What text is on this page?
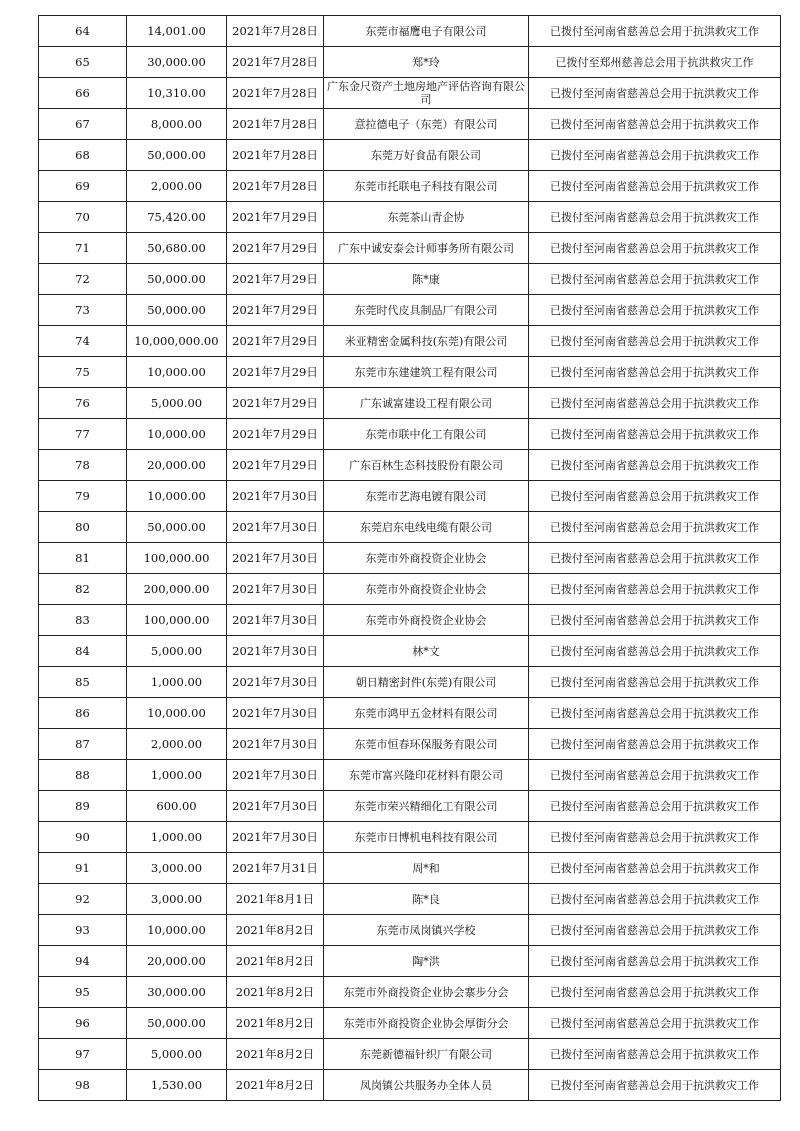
64	14,001.00	2021年7月28日	东莞市福鹰电子有限公司	已拨付至河南省慈善总会用于抗洪救灾工作
65	30,000.00	2021年7月28日	郑*玲	已拨付至郑州慈善总会用于抗洪救灾工作
66	10,310.00	2021年7月28日	广东金尺资产土地房地产评估咨询有限公司	已拨付至河南省慈善总会用于抗洪救灾工作
67	8,000.00	2021年7月28日	意拉德电子（东莞）有限公司	已拨付至河南省慈善总会用于抗洪救灾工作
68	50,000.00	2021年7月28日	东莞万好食品有限公司	已拨付至河南省慈善总会用于抗洪救灾工作
69	2,000.00	2021年7月28日	东莞市托联电子科技有限公司	已拨付至河南省慈善总会用于抗洪救灾工作
70	75,420.00	2021年7月29日	东莞茶山青企协	已拨付至河南省慈善总会用于抗洪救灾工作
71	50,680.00	2021年7月29日	广东中诚安泰会计师事务所有限公司	已拨付至河南省慈善总会用于抗洪救灾工作
72	50,000.00	2021年7月29日	陈*康	已拨付至河南省慈善总会用于抗洪救灾工作
73	50,000.00	2021年7月29日	东莞时代皮具制品厂有限公司	已拨付至河南省慈善总会用于抗洪救灾工作
74	10,000,000.00	2021年7月29日	米亚精密金属科技(东莞)有限公司	已拨付至河南省慈善总会用于抗洪救灾工作
75	10,000.00	2021年7月29日	东莞市东建建筑工程有限公司	已拨付至河南省慈善总会用于抗洪救灾工作
76	5,000.00	2021年7月29日	广东诚富建设工程有限公司	已拨付至河南省慈善总会用于抗洪救灾工作
77	10,000.00	2021年7月29日	东莞市联中化工有限公司	已拨付至河南省慈善总会用于抗洪救灾工作
78	20,000.00	2021年7月29日	广东百林生态科技股份有限公司	已拨付至河南省慈善总会用于抗洪救灾工作
79	10,000.00	2021年7月30日	东莞市艺海电镀有限公司	已拨付至河南省慈善总会用于抗洪救灾工作
80	50,000.00	2021年7月30日	东莞启东电线电缆有限公司	已拨付至河南省慈善总会用于抗洪救灾工作
81	100,000.00	2021年7月30日	东莞市外商投资企业协会	已拨付至河南省慈善总会用于抗洪救灾工作
82	200,000.00	2021年7月30日	东莞市外商投资企业协会	已拨付至河南省慈善总会用于抗洪救灾工作
83	100,000.00	2021年7月30日	东莞市外商投资企业协会	已拨付至河南省慈善总会用于抗洪救灾工作
84	5,000.00	2021年7月30日	林*文	已拨付至河南省慈善总会用于抗洪救灾工作
85	1,000.00	2021年7月30日	朝日精密封件(东莞)有限公司	已拨付至河南省慈善总会用于抗洪救灾工作
86	10,000.00	2021年7月30日	东莞市鸿甲五金材料有限公司	已拨付至河南省慈善总会用于抗洪救灾工作
87	2,000.00	2021年7月30日	东莞市恒春环保服务有限公司	已拨付至河南省慈善总会用于抗洪救灾工作
88	1,000.00	2021年7月30日	东莞市富兴隆印花材料有限公司	已拨付至河南省慈善总会用于抗洪救灾工作
89	600.00	2021年7月30日	东莞市荣兴精细化工有限公司	已拨付至河南省慈善总会用于抗洪救灾工作
90	1,000.00	2021年7月30日	东莞市日博机电科技有限公司	已拨付至河南省慈善总会用于抗洪救灾工作
91	3,000.00	2021年7月31日	周*和	已拨付至河南省慈善总会用于抗洪救灾工作
92	3,000.00	2021年8月1日	陈*良	已拨付至河南省慈善总会用于抗洪救灾工作
93	10,000.00	2021年8月2日	东莞市凤岗镇兴学校	已拨付至河南省慈善总会用于抗洪救灾工作
94	20,000.00	2021年8月2日	陶*洪	已拨付至河南省慈善总会用于抗洪救灾工作
95	30,000.00	2021年8月2日	东莞市外商投资企业协会寨步分会	已拨付至河南省慈善总会用于抗洪救灾工作
96	50,000.00	2021年8月2日	东莞市外商投资企业协会厚街分会	已拨付至河南省慈善总会用于抗洪救灾工作
97	5,000.00	2021年8月2日	东莞新德福针织厂有限公司	已拨付至河南省慈善总会用于抗洪救灾工作
98	1,530.00	2021年8月2日	凤岗镇公共服务办全体人员	已拨付至河南省慈善总会用于抗洪救灾工作
